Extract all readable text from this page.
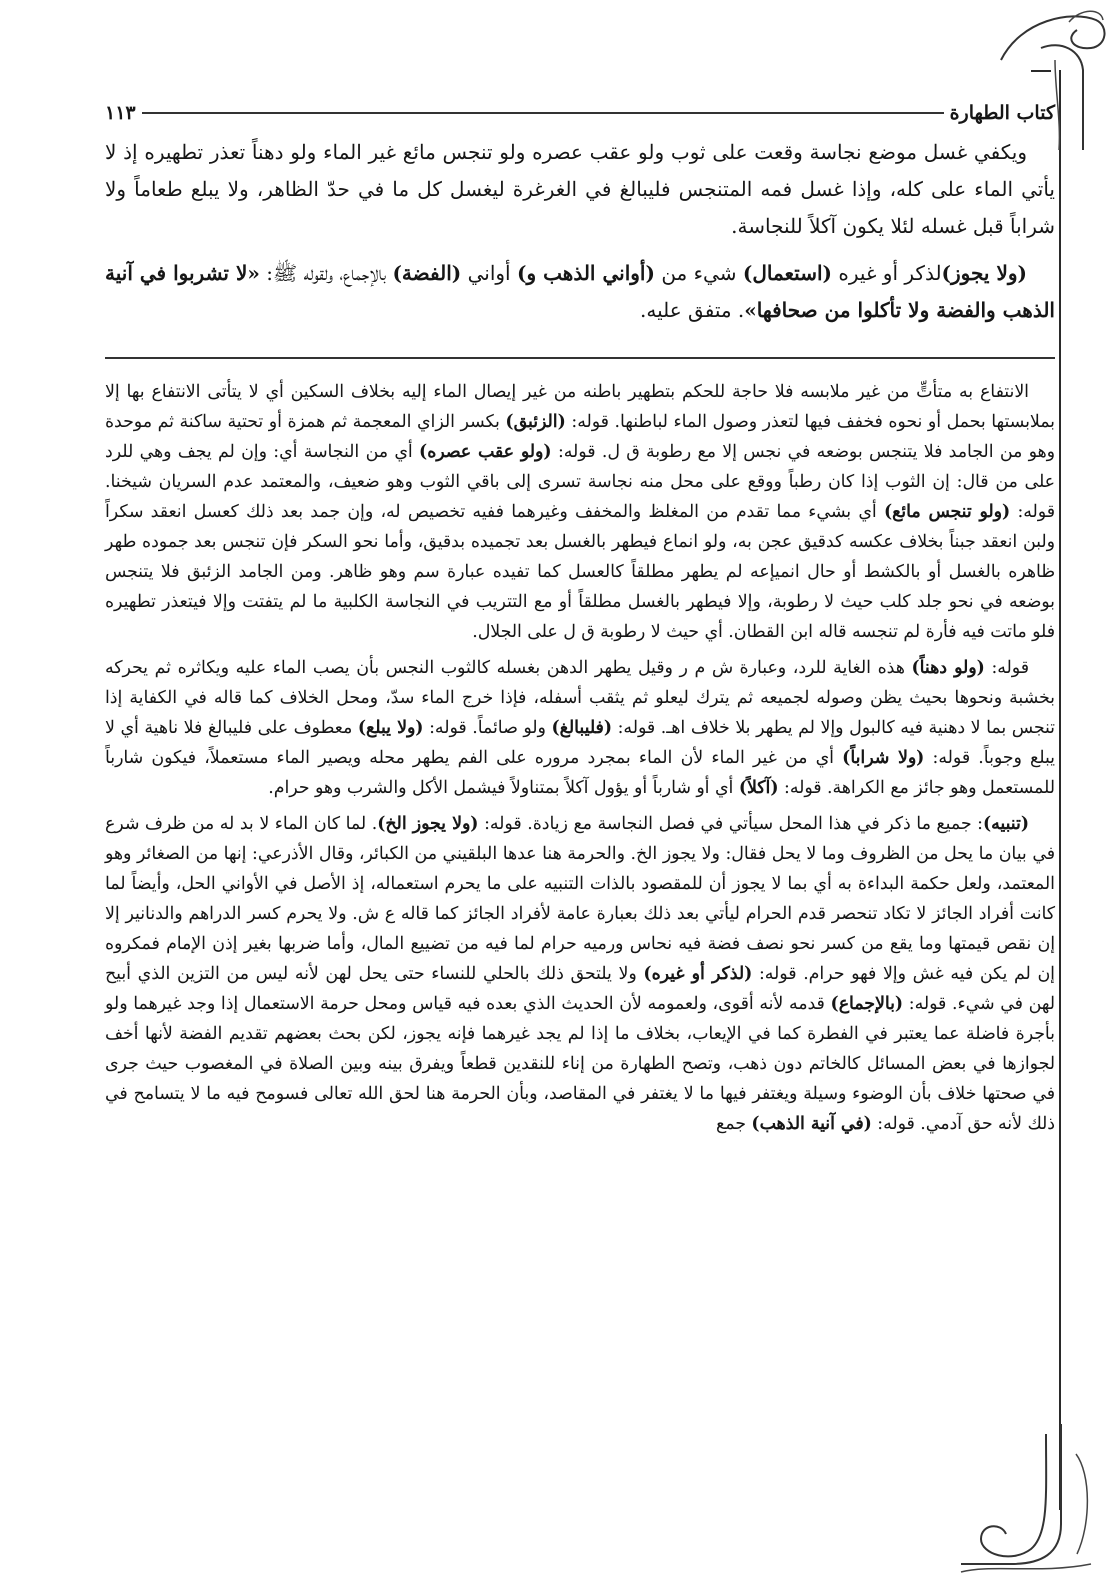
كتاب الطهارة
١١٣

ويكفي غسل موضع نجاسة وقعت على ثوب ولو عقب عصره ولو تنجس مائع غير الماء ولو دهناً تعذر تطهيره إذ لا يأتي الماء على كله، وإذا غسل فمه المتنجس فليبالغ في الغرغرة ليغسل كل ما في حدّ الظاهر، ولا يبلع طعاماً ولا شراباً قبل غسله لئلا يكون آكلاً للنجاسة.

(ولا يجوز)لذكر أو غيره (استعمال) شيء من (أواني الذهب و) أواني (الفضة) بالإجماع، ولقوله ﷺ: «لا تشربوا في آنية الذهب والفضة ولا تأكلوا من صحافها». متفق عليه.

الانتفاع به متأتٍّ من غير ملابسه فلا حاجة للحكم بتطهير باطنه من غير إيصال الماء إليه بخلاف السكين أي لا يتأتى الانتفاع بها إلا بملابستها بحمل أو نحوه فخفف فيها لتعذر وصول الماء لباطنها. قوله: (الزئبق) بكسر الزاي المعجمة ثم همزة أو تحتية ساكنة ثم موحدة وهو من الجامد فلا يتنجس بوضعه في نجس إلا مع رطوبة ق ل. قوله: (ولو عقب عصره) أي من النجاسة أي: وإن لم يجف وهي للرد على من قال: إن الثوب إذا كان رطباً ووقع على محل منه نجاسة تسرى إلى باقي الثوب وهو ضعيف، والمعتمد عدم السريان شيخنا. قوله: (ولو تنجس مائع) أي بشيء مما تقدم من المغلظ والمخفف وغيرهما ففيه تخصيص له، وإن جمد بعد ذلك كعسل انعقد سكراً ولبن انعقد جبناً بخلاف عكسه كدقيق عجن به، ولو انماع فيطهر بالغسل بعد تجميده بدقيق، وأما نحو السكر فإن تنجس بعد جموده طهر ظاهره بالغسل أو بالكشط أو حال انميإعه لم يطهر مطلقاً كالعسل كما تفيده عبارة سم وهو ظاهر. ومن الجامد الزئبق فلا يتنجس بوضعه في نحو جلد كلب حيث لا رطوبة، وإلا فيطهر بالغسل مطلقاً أو مع التتريب في النجاسة الكلبية ما لم يتفتت وإلا فيتعذر تطهيره فلو ماتت فيه فأرة لم تنجسه قاله ابن القطان. أي حيث لا رطوبة ق ل على الجلال.

قوله: (ولو دهناً) هذه الغاية للرد، وعبارة ش م ر وقيل يطهر الدهن بغسله كالثوب النجس بأن يصب الماء عليه ويكاثره ثم يحركه بخشبة ونحوها بحيث يظن وصوله لجميعه ثم يترك ليعلو ثم يثقب أسفله، فإذا خرج الماء سدّ، ومحل الخلاف كما قاله في الكفاية إذا تنجس بما لا دهنية فيه كالبول وإلا لم يطهر بلا خلاف اهـ. قوله: (فليبالغ) ولو صائماً. قوله: (ولا يبلع) معطوف على فليبالغ فلا ناهية أي لا يبلع وجوباً. قوله: (ولا شراباً) أي من غير الماء لأن الماء بمجرد مروره على الفم يطهر محله ويصير الماء مستعملاً، فيكون شارباً للمستعمل وهو جائز مع الكراهة. قوله: (آكلاً) أي أو شارباً أو يؤول آكلاً بمتناولاً فيشمل الأكل والشرب وهو حرام.

(تنبيه): جميع ما ذكر في هذا المحل سيأتي في فصل النجاسة مع زيادة. قوله: (ولا يجوز الخ). لما كان الماء لا بد له من ظرف شرع في بيان ما يحل من الظروف وما لا يحل فقال: ولا يجوز الخ. والحرمة هنا عدها البلقيني من الكبائر، وقال الأذرعي: إنها من الصغائر وهو المعتمد، ولعل حكمة البداءة به أي بما لا يجوز أن للمقصود بالذات التنبيه على ما يحرم استعماله، إذ الأصل في الأواني الحل، وأيضاً لما كانت أفراد الجائز لا تكاد تنحصر قدم الحرام ليأتي بعد ذلك بعبارة عامة لأفراد الجائز كما قاله ع ش. ولا يحرم كسر الدراهم والدنانير إلا إن نقص قيمتها وما يقع من كسر نحو نصف فضة فيه نحاس ورميه حرام لما فيه من تضييع المال، وأما ضربها بغير إذن الإمام فمكروه إن لم يكن فيه غش وإلا فهو حرام. قوله: (لذكر أو غيره) ولا يلتحق ذلك بالحلي للنساء حتى يحل لهن لأنه ليس من التزين الذي أبيح لهن في شيء. قوله: (بالإجماع) قدمه لأنه أقوى، ولعمومه لأن الحديث الذي بعده فيه قياس ومحل حرمة الاستعمال إذا وجد غيرهما ولو بأجرة فاضلة عما يعتبر في الفطرة كما في الإيعاب، بخلاف ما إذا لم يجد غيرهما فإنه يجوز، لكن بحث بعضهم تقديم الفضة لأنها أخف لجوازها في بعض المسائل كالخاتم دون ذهب، وتصح الطهارة من إناء للنقدين قطعاً ويفرق بينه وبين الصلاة في المغصوب حيث جرى في صحتها خلاف بأن الوضوء وسيلة ويغتفر فيها ما لا يغتفر في المقاصد، وبأن الحرمة هنا لحق الله تعالى فسومح فيه ما لا يتسامح في ذلك لأنه حق آدمي. قوله: (في آنية الذهب) جمع
